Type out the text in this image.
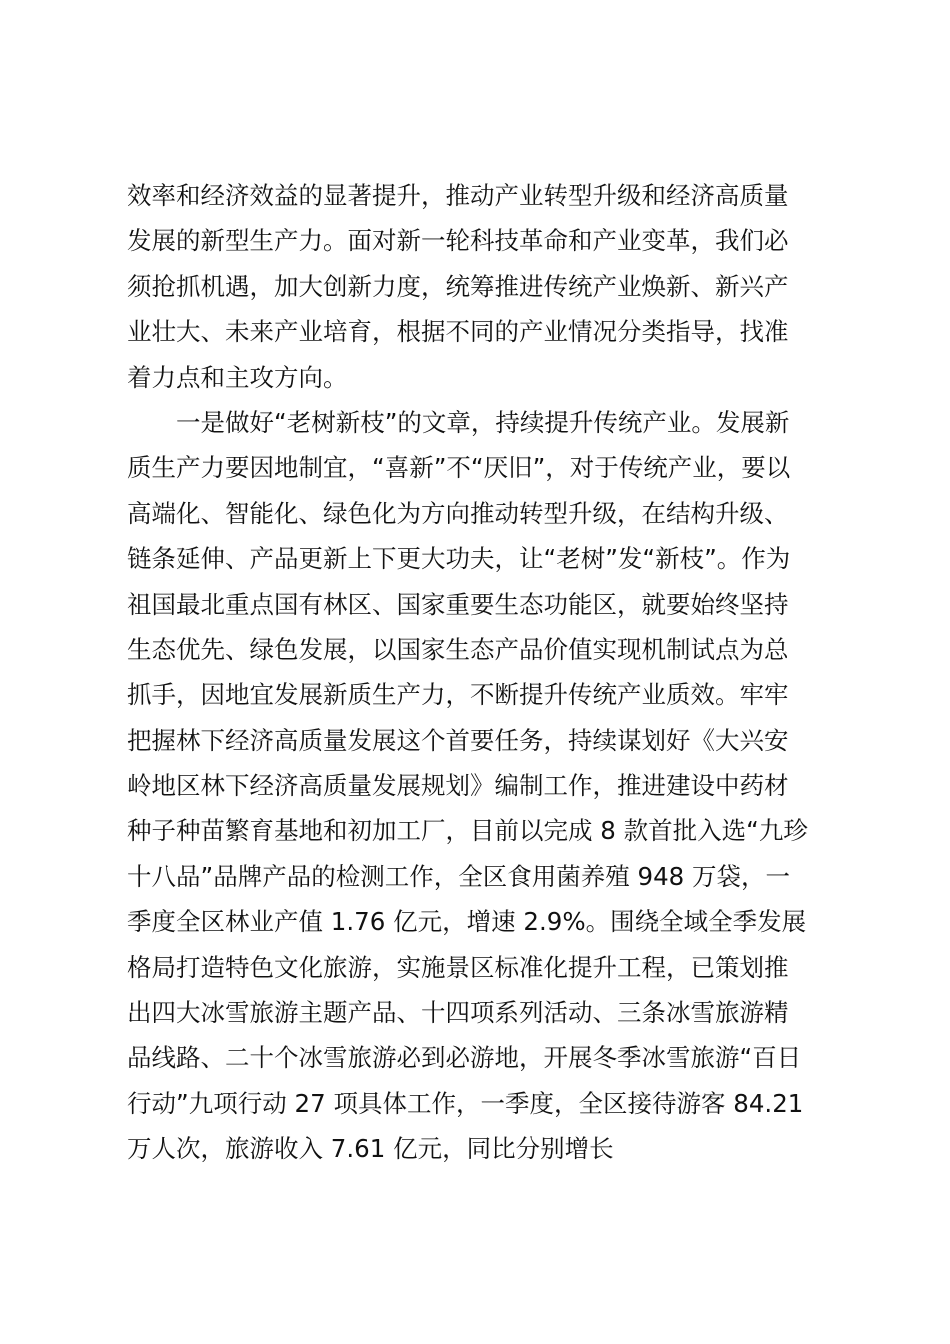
效率和经济效益的显著提升，推动产业转型升级和经济高质量
发展的新型生产力。面对新一轮科技革命和产业变革，我们必
须抢抓机遇，加大创新力度，统筹推进传统产业焕新、新兴产
业壮大、未来产业培育，根据不同的产业情况分类指导，找准
着力点和主攻方向。
　　一是做好“老树新枝”的文章，持续提升传统产业。发展新
质生产力要因地制宜，“喜新”不“厌旧”，对于传统产业，要以
高端化、智能化、绿色化为方向推动转型升级，在结构升级、
链条延伸、产品更新上下更大功夫，让“老树”发“新枝”。作为
祖国最北重点国有林区、国家重要生态功能区，就要始终坚持
生态优先、绿色发展，以国家生态产品价值实现机制试点为总
抓手，因地宜发展新质生产力，不断提升传统产业质效。牢牢
把握林下经济高质量发展这个首要任务，持续谋划好《大兴安
岭地区林下经济高质量发展规划》编制工作，推进建设中药材
种子种苗繁育基地和初加工厂，目前以完成 8 款首批入选“九珍
十八品”品牌产品的检测工作，全区食用菌养殖 948 万袋，一
季度全区林业产值 1.76 亿元，增速 2.9%。围绕全域全季发展
格局打造特色文化旅游，实施景区标准化提升工程，已策划推
出四大冰雪旅游主题产品、十四项系列活动、三条冰雪旅游精
品线路、二十个冰雪旅游必到必游地，开展冬季冰雪旅游“百日
行动”九项行动 27 项具体工作，一季度，全区接待游客 84.21
万人次，旅游收入 7.61 亿元，同比分别增长
